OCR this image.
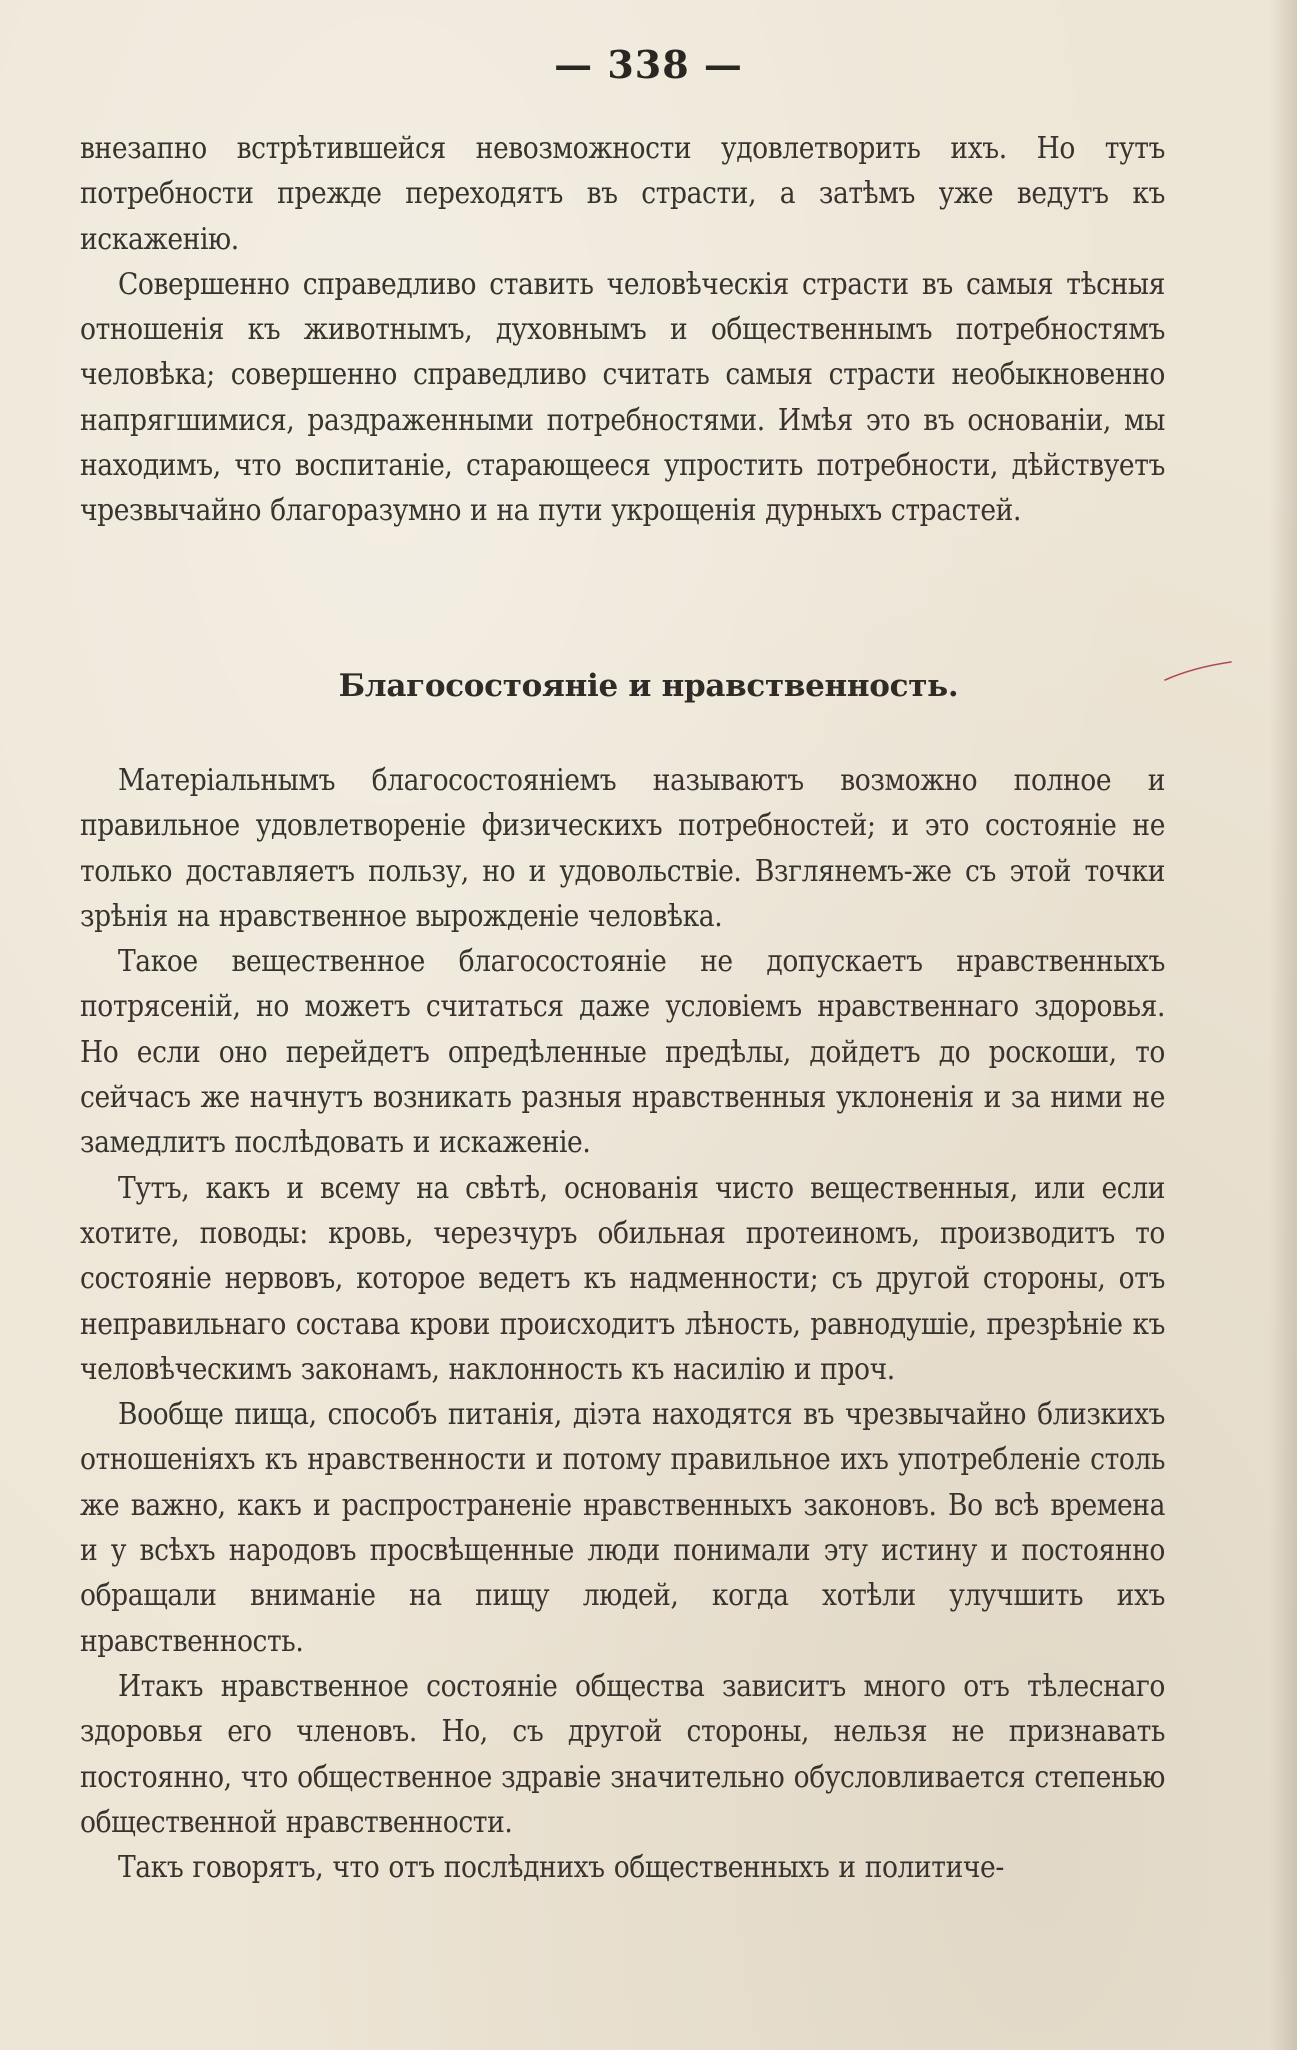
— 338 —

внезапно встрѣтившейся невозможности удовлетворить ихъ. Но тутъ потребности прежде переходятъ въ страсти, а затѣмъ уже ведутъ къ искаженію.

Совершенно справедливо ставить человѣческія страсти въ самыя тѣсныя отношенія къ животнымъ, духовнымъ и общественнымъ потребностямъ человѣка; совершенно справедливо считать самыя страсти необыкновенно напрягшимися, раздраженными потребностями. Имѣя это въ основаніи, мы находимъ, что воспитаніе, старающееся упростить потребности, дѣйствуетъ чрезвычайно благоразумно и на пути укрощенія дурныхъ страстей.

Благосостояніе и нравственность.

Матеріальнымъ благосостояніемъ называютъ возможно полное и правильное удовлетвореніе физическихъ потребностей; и это состояніе не только доставляетъ пользу, но и удовольствіе. Взглянемъ-же съ этой точки зрѣнія на нравственное вырожденіе человѣка.

Такое вещественное благосостояніе не допускаетъ нравственныхъ потрясеній, но можетъ считаться даже условіемъ нравственнаго здоровья. Но если оно перейдетъ опредѣленные предѣлы, дойдетъ до роскоши, то сейчасъ же начнутъ возникать разныя нравственныя уклоненія и за ними не замедлитъ послѣдовать и искаженіе.

Тутъ, какъ и всему на свѣтѣ, основанія чисто вещественныя, или если хотите, поводы: кровь, черезчуръ обильная протеиномъ, производитъ то состояніе нервовъ, которое ведетъ къ надменности; съ другой стороны, отъ неправильнаго состава крови происходитъ лѣность, равнодушіе, презрѣніе къ человѣческимъ законамъ, наклонность къ насилію и проч.

Вообще пища, способъ питанія, діэта находятся въ чрезвычайно близкихъ отношеніяхъ къ нравственности и потому правильное ихъ употребленіе столь же важно, какъ и распространеніе нравственныхъ законовъ. Во всѣ времена и у всѣхъ народовъ просвѣщенные люди понимали эту истину и постоянно обращали вниманіе на пищу людей, когда хотѣли улучшить ихъ нравственность.

Итакъ нравственное состояніе общества зависитъ много отъ тѣлеснаго здоровья его членовъ. Но, съ другой стороны, нельзя не признавать постоянно, что общественное здравіе значительно обусловливается степенью общественной нравственности.

Такъ говорятъ, что отъ послѣднихъ общественныхъ и политиче-
